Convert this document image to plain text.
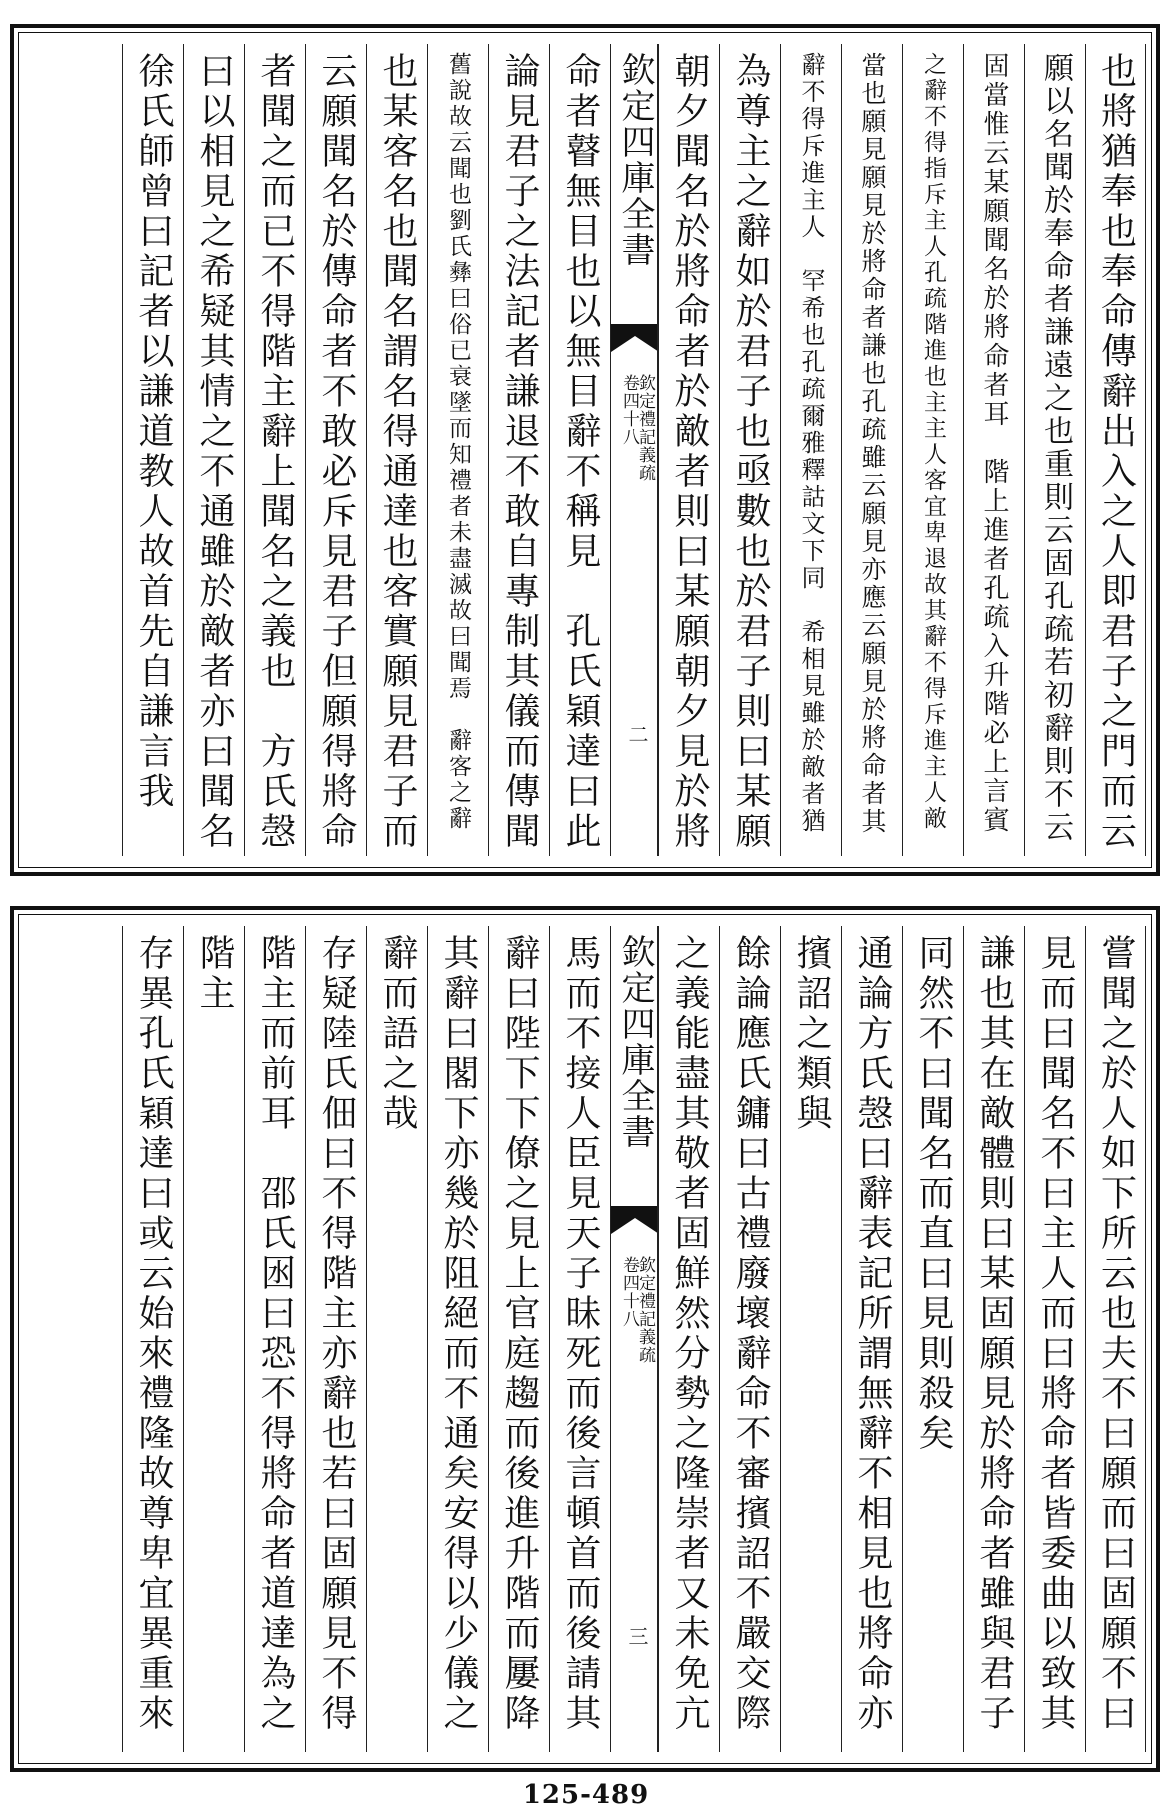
也將猶奉也奉命傳辭出入之人即君子之門而云
願以名聞於奉命者謙遠之也重則云固孔疏若初辭則不云
固當惟云某願聞名於將命者耳　階上進者孔疏入升階必上言賓
之辭不得指斥主人孔疏階進也主主人客宜卑退故其辭不得斥進主人敵
當也願見願見於將命者謙也孔疏雖云願見亦應云願見於將命者其
辭不得斥進主人　罕希也孔疏爾雅釋詁文下同　希相見雖於敵者猶
為尊主之辭如於君子也亟數也於君子則曰某願
朝夕聞名於將命者於敵者則曰某願朝夕見於將
欽定四庫全書
欽定禮記義疏
卷四十八
二
命者瞽無目也以無目辭不稱見　孔氏穎達曰此
論見君子之法記者謙退不敢自專制其儀而傳聞
舊說故云聞也劉氏彝曰俗已衰墜而知禮者未盡滅故曰聞焉　辭客之辭
也某客名也聞名謂名得通達也客實願見君子而
云願聞名於傳命者不敢必斥見君子但願得將命
者聞之而已不得階主辭上聞名之義也　方氏愨
曰以相見之希疑其情之不通雖於敵者亦曰聞名
徐氏師曾曰記者以謙道教人故首先自謙言我
嘗聞之於人如下所云也夫不曰願而曰固願不曰
見而曰聞名不曰主人而曰將命者皆委曲以致其
謙也其在敵體則曰某固願見於將命者雖與君子
同然不曰聞名而直曰見則殺矣
通論方氏愨曰辭表記所謂無辭不相見也將命亦
擯詔之類與
餘論應氏鏞曰古禮廢壞辭命不審擯詔不嚴交際
之義能盡其敬者固鮮然分勢之隆崇者又未免亢
欽定四庫全書
欽定禮記義疏
卷四十八
三
馬而不接人臣見天子昧死而後言頓首而後請其
辭曰陛下下僚之見上官庭趨而後進升階而屢降
其辭曰閣下亦幾於阻絕而不通矣安得以少儀之
辭而語之哉
存疑陸氏佃曰不得階主亦辭也若曰固願見不得
階主而前耳　邵氏囦曰恐不得將命者道達為之
階主
存異孔氏穎達曰或云始來禮隆故尊卑宜異重來
125-489
